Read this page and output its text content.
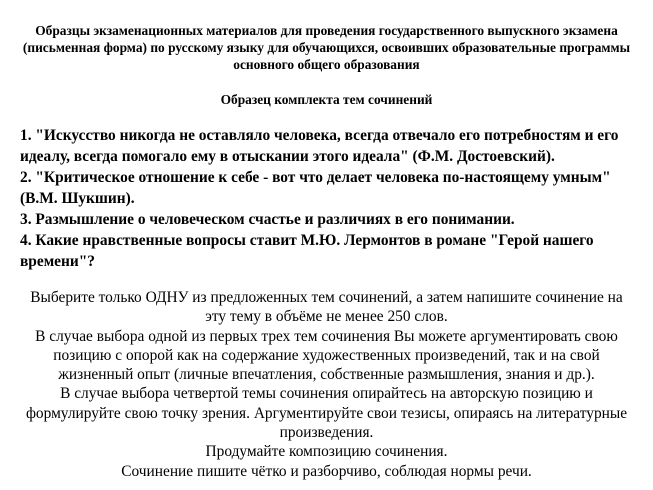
Образцы экзаменационных материалов для проведения государственного выпускного экзамена (письменная форма) по русскому языку для обучающихся, освоивших образовательные программы основного общего образования

Образец комплекта тем сочинений

1. "Искусство никогда не оставляло человека, всегда отвечало его потребностям и его идеалу, всегда помогало ему в отыскании этого идеала" (Ф.М. Достоевский).
2. "Критическое отношение к себе - вот что делает человека по-настоящему умным" (В.М. Шукшин).
3. Размышление о человеческом счастье и различиях в его понимании.
4. Какие нравственные вопросы ставит М.Ю. Лермонтов в романе "Герой нашего времени"?

Выберите только ОДНУ из предложенных тем сочинений, а затем напишите сочинение на эту тему в объёме не менее 250 слов.

В случае выбора одной из первых трех тем сочинения Вы можете аргументировать свою позицию с опорой как на содержание художественных произведений, так и на свой жизненный опыт (личные впечатления, собственные размышления, знания и др.).

В случае выбора четвертой темы сочинения опирайтесь на авторскую позицию и формулируйте свою точку зрения. Аргументируйте свои тезисы, опираясь на литературные произведения.

Продумайте композицию сочинения.

Сочинение пишите чётко и разборчиво, соблюдая нормы речи.
